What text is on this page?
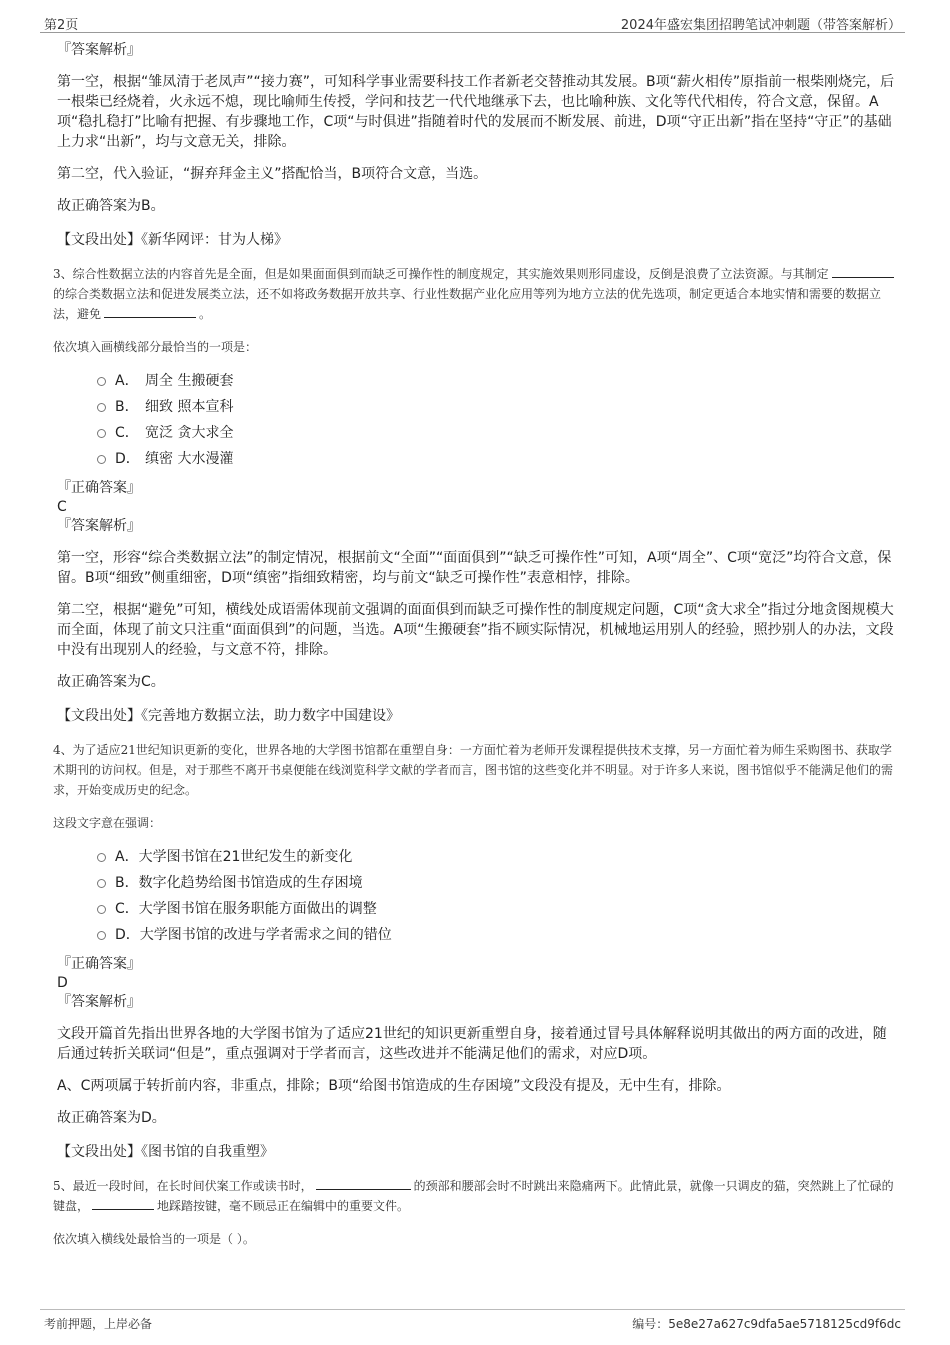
第2页	2024年盛宏集团招聘笔试冲刺题（带答案解析）
『答案解析』

第一空，根据“雏凤清于老凤声”“接力赛”，可知科学事业需要科技工作者新老交替推动其发展。B项“薪火相传”原指前一根柴刚烧完，后一根柴已经烧着，火永远不熄，现比喻师生传授，学问和技艺一代代地继承下去，也比喻种族、文化等代代相传，符合文意，保留。A项“稳扎稳打”比喻有把握、有步骤地工作，C项“与时俱进”指随着时代的发展而不断发展、前进，D项“守正出新”指在坚持“守正”的基础上力求“出新”，均与文意无关，排除。

第二空，代入验证，“摒弃拜金主义”搭配恰当，B项符合文意，当选。

故正确答案为B。

【文段出处】《新华网评：甘为人梯》

3、综合性数据立法的内容首先是全面，但是如果面面俱到而缺乏可操作性的制度规定，其实施效果则形同虚设，反倒是浪费了立法资源。与其制定的综合类数据立法和促进发展类立法，还不如将政务数据开放共享、行业性数据产业化应用等列为地方立法的优先选项，制定更适合本地实情和需要的数据立法，避免	。
依次填入画横线部分最恰当的一项是：
A． 周全 生搬硬套
B． 细致 照本宣科
C． 宽泛 贪大求全
D． 缜密 大水漫灌
『正确答案』
C
『答案解析』

第一空，形容“综合类数据立法”的制定情况，根据前文“全面”“面面俱到”“缺乏可操作性”可知，A项“周全”、C项“宽泛”均符合文意，保留。B项“细致”侧重细密，D项“缜密”指细致精密，均与前文“缺乏可操作性”表意相悖，排除。

第二空，根据“避免”可知，横线处成语需体现前文强调的面面俱到而缺乏可操作性的制度规定问题，C项“贪大求全”指过分地贪图规模大而全面，体现了前文只注重“面面俱到”的问题，当选。A项“生搬硬套”指不顾实际情况，机械地运用别人的经验，照抄别人的办法，文段中没有出现别人的经验，与文意不符，排除。

故正确答案为C。

【文段出处】《完善地方数据立法，助力数字中国建设》

4、为了适应21世纪知识更新的变化，世界各地的大学图书馆都在重塑自身：一方面忙着为老师开发课程提供技术支撑，另一方面忙着为师生采购图书、获取学术期刊的访问权。但是，对于那些不离开书桌便能在线浏览科学文献的学者而言，图书馆的这些变化并不明显。对于许多人来说，图书馆似乎不能满足他们的需求，开始变成历史的纪念。
这段文字意在强调：
A．大学图书馆在21世纪发生的新变化
B．数字化趋势给图书馆造成的生存困境
C．大学图书馆在服务职能方面做出的调整
D．大学图书馆的改进与学者需求之间的错位
『正确答案』
D
『答案解析』

文段开篇首先指出世界各地的大学图书馆为了适应21世纪的知识更新重塑自身，接着通过冒号具体解释说明其做出的两方面的改进，随后通过转折关联词“但是”，重点强调对于学者而言，这些改进并不能满足他们的需求，对应D项。

A、C两项属于转折前内容，非重点，排除；B项“给图书馆造成的生存困境”文段没有提及，无中生有，排除。

故正确答案为D。

【文段出处】《图书馆的自我重塑》

5、最近一段时间，在长时间伏案工作或读书时，	的颈部和腰部会时不时跳出来隐痛两下。此情此景，就像一只调皮的猫，突然跳上了忙碌的键盘，	地踩踏按键，毫不顾忌正在编辑中的重要文件。
依次填入横线处最恰当的一项是（ ）。
考前押题，上岸必备	编号：5e8e27a627c9dfa5ae5718125cd9f6dc
